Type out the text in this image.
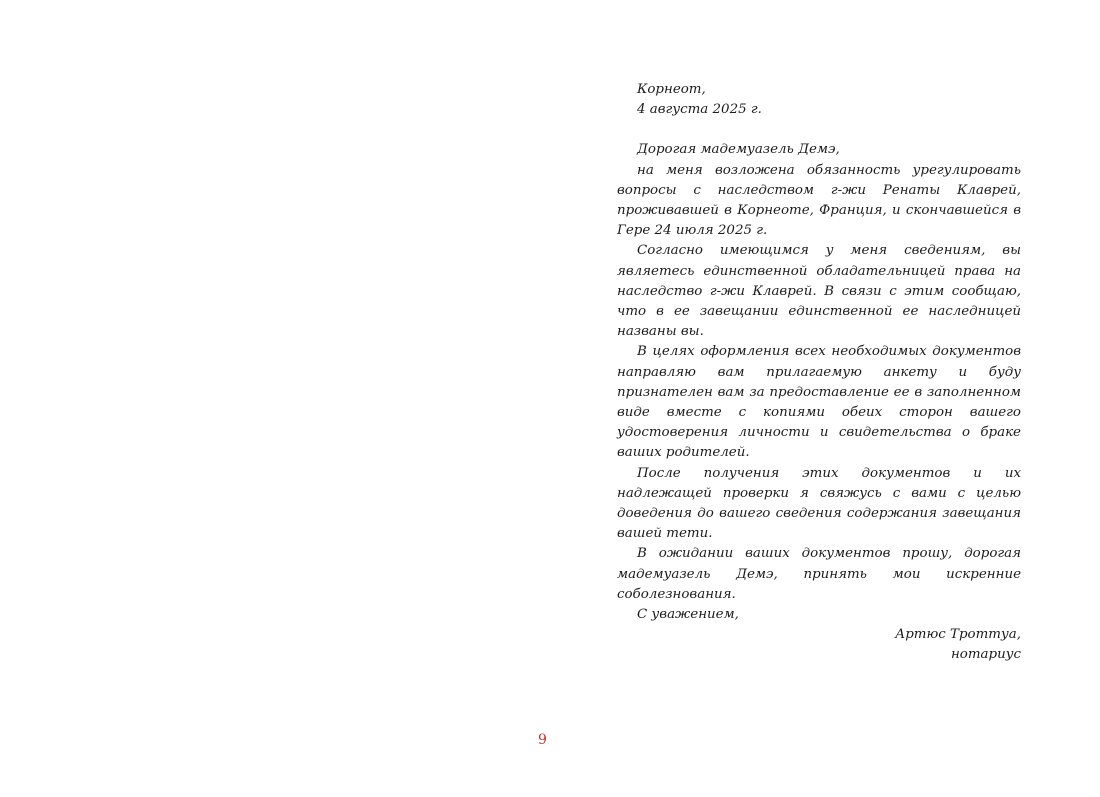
Корнеот,

4 августа 2025 г.

Дорогая мадемуазель Демэ,

на меня возложена обязанность урегулировать вопросы с наследством г-жи Ренаты Клаврей, проживавшей в Корнеоте, Франция, и скончавшейся в Гере 24 июля 2025 г.

Согласно имеющимся у меня сведениям, вы являетесь единственной обладательницей права на наследство г-жи Клаврей. В связи с этим сообщаю, что в ее завещании единственной ее наследницей названы вы.

В целях оформления всех необходимых документов направляю вам прилагаемую анкету и буду признателен вам за предоставление ее в заполненном виде вместе с копиями обеих сторон вашего удостоверения личности и свидетельства о браке ваших родителей.

После получения этих документов и их надлежащей проверки я свяжусь с вами с целью доведения до вашего сведения содержания завещания вашей тети.

В ожидании ваших документов прошу, дорогая мадемуазель Демэ, принять мои искренние соболезнования.

С уважением,

Артюс Троттуа,

нотариус

9
